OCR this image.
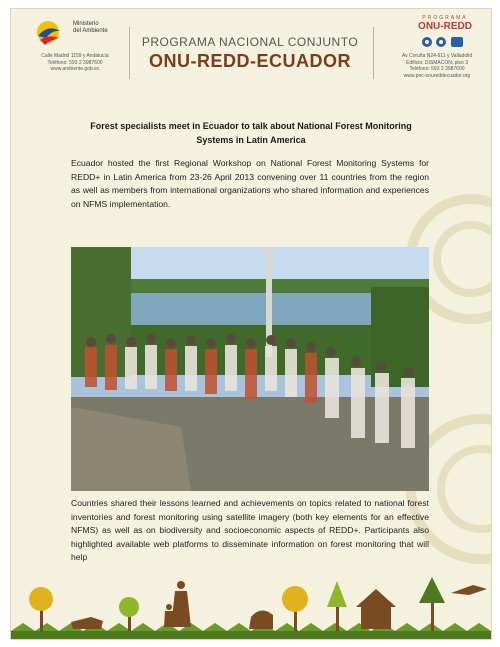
Ministerio
del Ambiente
Calle Madrid 1159 y Andalucía
Teléfono: 593 2 3987600
www.ambiente.gob.ec
PROGRAMA NACIONAL CONJUNTO
ONU-REDD-ECUADOR
PROGRAMA
ONU-REDD
Av Coruña N24-611 y Valladolid
Edificio: DISMACON, piso 3
Teléfono: 593 2 3987600
www.pnc-onureddecuador.org
Forest specialists meet in Ecuador to talk about National Forest Monitoring Systems in Latin America
Ecuador hosted the first Regional Workshop on National Forest Monitoring Systems for REDD+ in Latin America from 23-26 April 2013 convening over 11 countries from the region as well as members from international organizations who shared information and experiences on NFMS implementation.
Countries shared their lessons learned and achievements on topics related to national forest inventories and forest monitoring using satellite imagery (both key elements for an effective NFMS) as well as on biodiversity and socioeconomic aspects of REDD+. Participants also highlighted available web platforms to disseminate information on forest monitoring that will help
